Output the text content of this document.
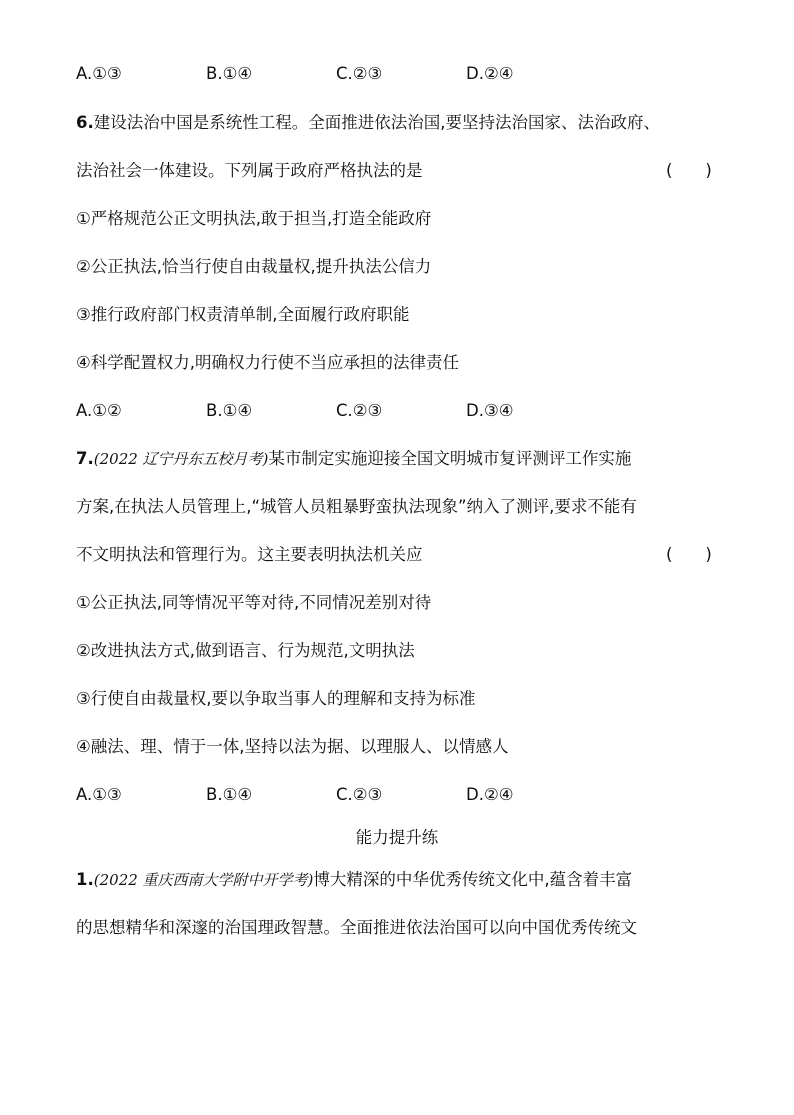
A.①③	B.①④	C.②③	D.②④
6.建设法治中国是系统性工程。全面推进依法治国,要坚持法治国家、法治政府、
法治社会一体建设。下列属于政府严格执法的是	(　　)
①严格规范公正文明执法,敢于担当,打造全能政府
②公正执法,恰当行使自由裁量权,提升执法公信力
③推行政府部门权责清单制,全面履行政府职能
④科学配置权力,明确权力行使不当应承担的法律责任
A.①②	B.①④	C.②③	D.③④
7.(2022 辽宁丹东五校月考)某市制定实施迎接全国文明城市复评测评工作实施
方案,在执法人员管理上,“城管人员粗暴野蛮执法现象”纳入了测评,要求不能有
不文明执法和管理行为。这主要表明执法机关应	(　　)
①公正执法,同等情况平等对待,不同情况差别对待
②改进执法方式,做到语言、行为规范,文明执法
③行使自由裁量权,要以争取当事人的理解和支持为标准
④融法、理、情于一体,坚持以法为据、以理服人、以情感人
A.①③	B.①④	C.②③	D.②④
能力提升练
1.(2022 重庆西南大学附中开学考)博大精深的中华优秀传统文化中,蕴含着丰富
的思想精华和深邃的治国理政智慧。全面推进依法治国可以向中国优秀传统文
